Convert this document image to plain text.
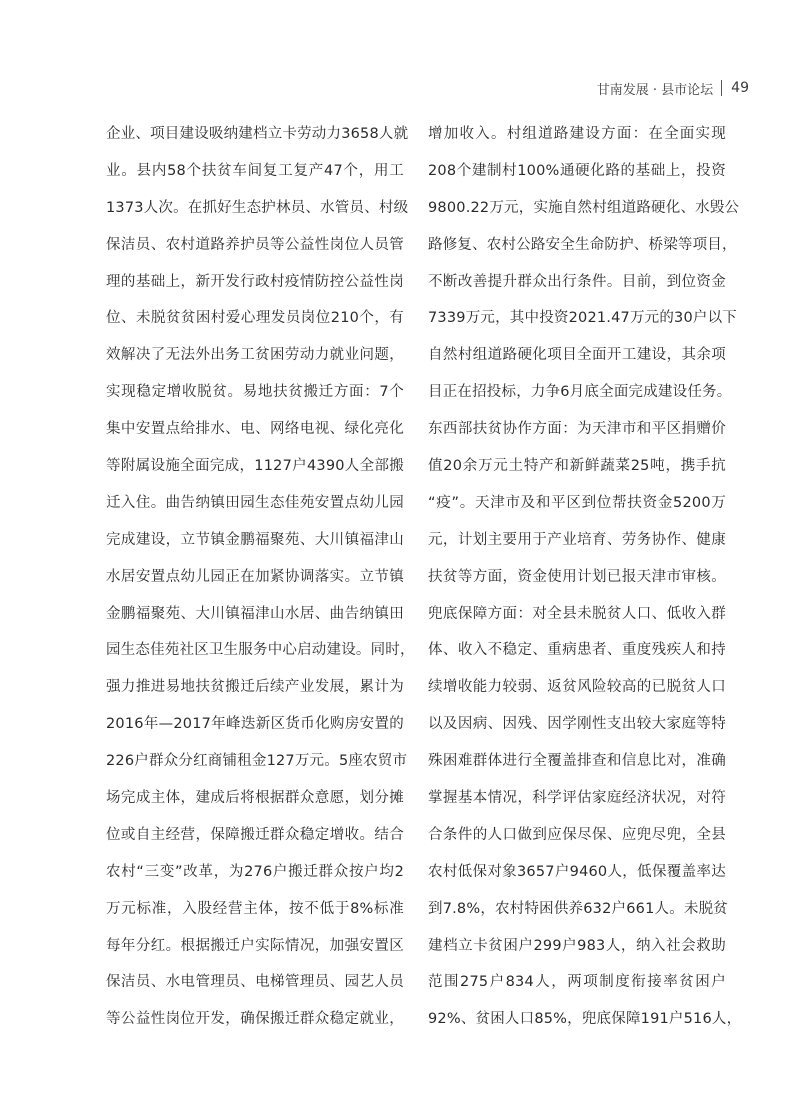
甘南发展 · 县市论坛 49
企业、项目建设吸纳建档立卡劳动力3658人就
业。县内58个扶贫车间复工复产47个，用工
1373人次。在抓好生态护林员、水管员、村级
保洁员、农村道路养护员等公益性岗位人员管
理的基础上，新开发行政村疫情防控公益性岗
位、未脱贫贫困村爱心理发员岗位210个，有
效解决了无法外出务工贫困劳动力就业问题，
实现稳定增收脱贫。易地扶贫搬迁方面：7个
集中安置点给排水、电、网络电视、绿化亮化
等附属设施全面完成，1127户4390人全部搬
迁入住。曲告纳镇田园生态佳苑安置点幼儿园
完成建设，立节镇金鹏福聚苑、大川镇福津山
水居安置点幼儿园正在加紧协调落实。立节镇
金鹏福聚苑、大川镇福津山水居、曲告纳镇田
园生态佳苑社区卫生服务中心启动建设。同时，
强力推进易地扶贫搬迁后续产业发展，累计为
2016年—2017年峰迭新区货币化购房安置的
226户群众分红商铺租金127万元。5座农贸市
场完成主体，建成后将根据群众意愿，划分摊
位或自主经营，保障搬迁群众稳定增收。结合
农村“三变”改革，为276户搬迁群众按户均2
万元标准，入股经营主体，按不低于8%标准
每年分红。根据搬迁户实际情况，加强安置区
保洁员、水电管理员、电梯管理员、园艺人员
等公益性岗位开发，确保搬迁群众稳定就业，
增加收入。村组道路建设方面：在全面实现
208个建制村100%通硬化路的基础上，投资
9800.22万元，实施自然村组道路硬化、水毁公
路修复、农村公路安全生命防护、桥梁等项目，
不断改善提升群众出行条件。目前，到位资金
7339万元，其中投资2021.47万元的30户以下
自然村组道路硬化项目全面开工建设，其余项
目正在招投标，力争6月底全面完成建设任务。
东西部扶贫协作方面：为天津市和平区捐赠价
值20余万元土特产和新鲜蔬菜25吨，携手抗
“疫”。天津市及和平区到位帮扶资金5200万
元，计划主要用于产业培育、劳务协作、健康
扶贫等方面，资金使用计划已报天津市审核。
兜底保障方面：对全县未脱贫人口、低收入群
体、收入不稳定、重病患者、重度残疾人和持
续增收能力较弱、返贫风险较高的已脱贫人口
以及因病、因残、因学刚性支出较大家庭等特
殊困难群体进行全覆盖排查和信息比对，准确
掌握基本情况，科学评估家庭经济状况，对符
合条件的人口做到应保尽保、应兜尽兜，全县
农村低保对象3657户9460人，低保覆盖率达
到7.8%，农村特困供养632户661人。未脱贫
建档立卡贫困户299户983人，纳入社会救助
范围275户834人，两项制度衔接率贫困户
92%、贫困人口85%，兜底保障191户516人，
